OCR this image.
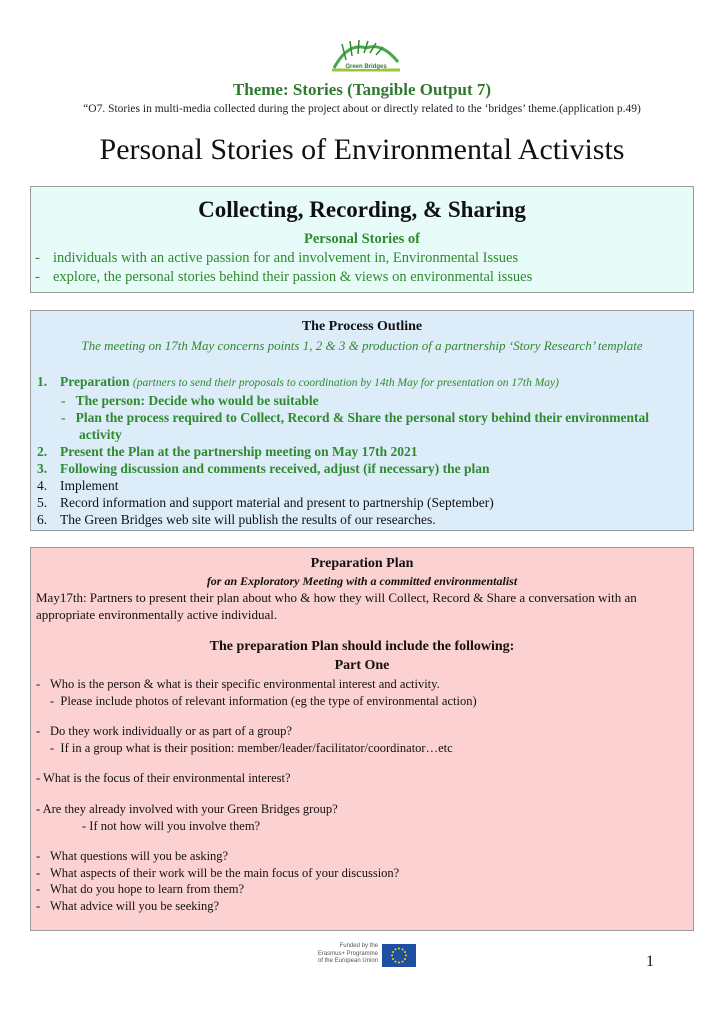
Green Bridges
Theme: Stories (Tangible Output 7)
“O7. Stories in multi-media collected during the project about or directly related to the ‘bridges’ theme.(application p.49)
Personal Stories of Environmental Activists
Collecting, Recording, & Sharing
Personal Stories of
- individuals with an active passion for and involvement in, Environmental Issues
- explore, the personal stories behind their passion & views on environmental issues
The Process Outline
The meeting on 17th May concerns points 1, 2 & 3 & production of a partnership ‘Story Research’ template
1. Preparation (partners to send their proposals to coordination by 14th May for presentation on 17th May)
-   The person: Decide who would be suitable
-   Plan the process required to Collect, Record & Share the personal story behind their environmental activity
2. Present the Plan at the partnership meeting on May 17th 2021
3. Following discussion and comments received, adjust (if necessary) the plan
4. Implement
5. Record information and support material and present to partnership (September)
6. The Green Bridges web site will publish the results of our researches.
Preparation Plan
for an Exploratory Meeting with a committed environmentalist
May17th: Partners to present their plan about who & how they will Collect, Record & Share a conversation with an appropriate environmentally active individual.
The preparation Plan should include the following:
Part One
- Who is the person & what is their specific environmental interest and activity.
-  Please include photos of relevant information (eg the type of environmental action)
- Do they work individually or as part of a group?
-  If in a group what is their position: member/leader/facilitator/coordinator…etc
- What is the focus of their environmental interest?
- Are they already involved with your Green Bridges group?
- If not how will you involve them?
- What questions will you be asking?
- What aspects of their work will be the main focus of your discussion?
- What do you hope to learn from them?
- What advice will you be seeking?
Funded by the
Erasmus+ Programme
of the European Union	1
